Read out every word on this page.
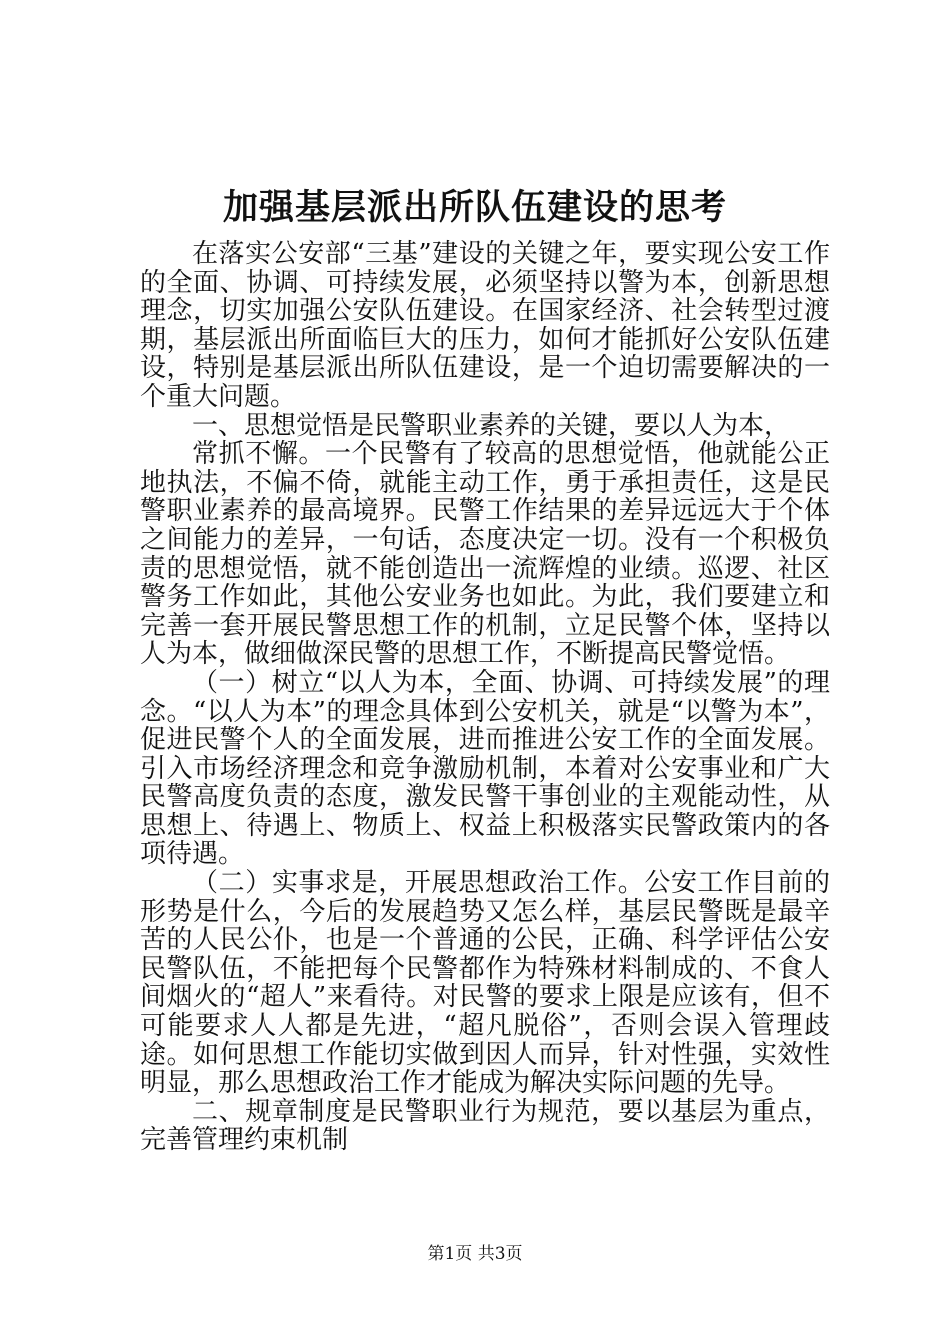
加强基层派出所队伍建设的思考

在落实公安部“三基”建设的关键之年，要实现公安工作的全面、协调、可持续发展，必须坚持以警为本，创新思想理念，切实加强公安队伍建设。在国家经济、社会转型过渡期，基层派出所面临巨大的压力，如何才能抓好公安队伍建设，特别是基层派出所队伍建设，是一个迫切需要解决的一个重大问题。

一、思想觉悟是民警职业素养的关键，要以人为本，

常抓不懈。一个民警有了较高的思想觉悟，他就能公正地执法，不偏不倚，就能主动工作，勇于承担责任，这是民警职业素养的最高境界。民警工作结果的差异远远大于个体之间能力的差异，一句话，态度决定一切。没有一个积极负责的思想觉悟，就不能创造出一流辉煌的业绩。巡逻、社区警务工作如此，其他公安业务也如此。为此，我们要建立和完善一套开展民警思想工作的机制，立足民警个体，坚持以人为本，做细做深民警的思想工作，不断提高民警觉悟。

（一）树立“以人为本，全面、协调、可持续发展”的理念。“以人为本”的理念具体到公安机关，就是“以警为本”，促进民警个人的全面发展，进而推进公安工作的全面发展。引入市场经济理念和竞争激励机制，本着对公安事业和广大民警高度负责的态度，激发民警干事创业的主观能动性，从思想上、待遇上、物质上、权益上积极落实民警政策内的各项待遇。

（二）实事求是，开展思想政治工作。公安工作目前的形势是什么，今后的发展趋势又怎么样，基层民警既是最辛苦的人民公仆，也是一个普通的公民，正确、科学评估公安民警队伍，不能把每个民警都作为特殊材料制成的、不食人间烟火的“超人”来看待。对民警的要求上限是应该有，但不可能要求人人都是先进，“超凡脱俗”，否则会误入管理歧途。如何思想工作能切实做到因人而异，针对性强，实效性明显，那么思想政治工作才能成为解决实际问题的先导。

二、规章制度是民警职业行为规范，要以基层为重点，完善管理约束机制

第1页 共3页
